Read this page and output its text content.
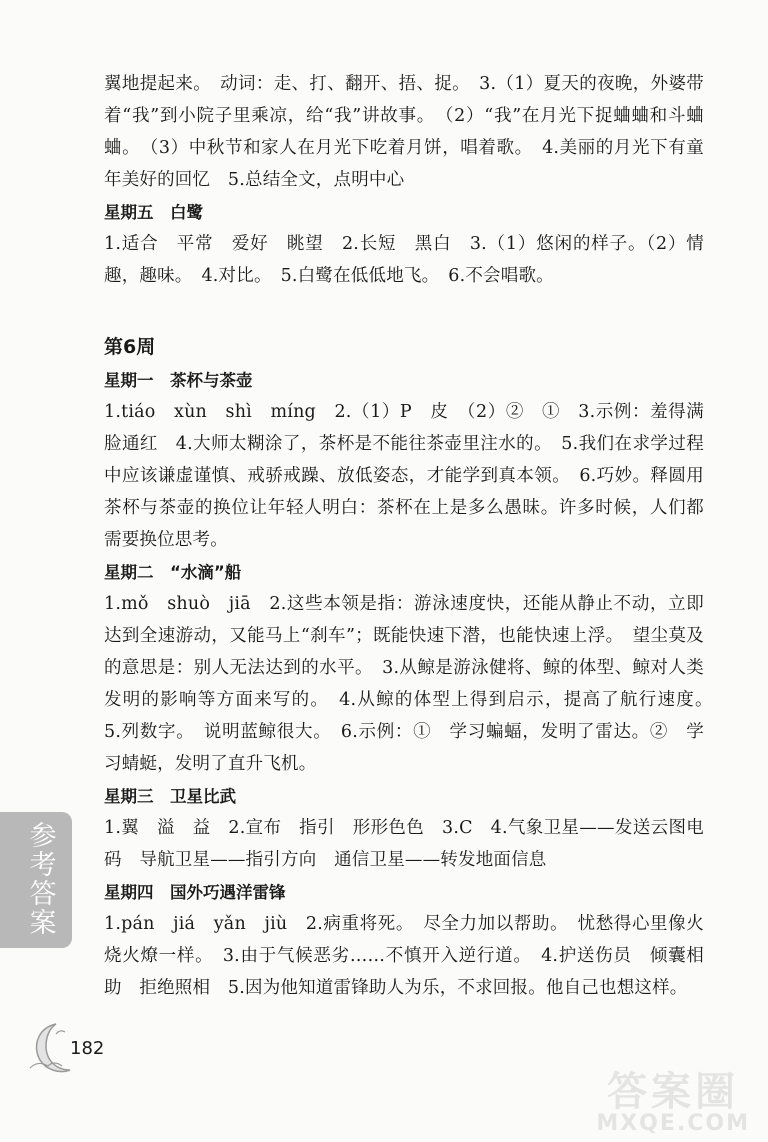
翼地提起来。　动词：走、打、翻开、捂、捉。　3.（1）夏天的夜晚，外婆带着“我”到小院子里乘凉，给“我”讲故事。　（2）“我”在月光下捉蛐蛐和斗蛐蛐。　（3）中秋节和家人在月光下吃着月饼，唱着歌。　4.美丽的月光下有童年美好的回忆　5.总结全文，点明中心
星期五　白鹭
1.适合　平常　爱好　眺望　2.长短　黑白　3.（1）悠闲的样子。（2）情趣，趣味。　4.对比。　5.白鹭在低低地飞。　6.不会唱歌。
第6周
星期一　茶杯与茶壶
1.tiáo　xùn　shì　míng　2.（1）P　皮　（2）②　①　3.示例：羞得满脸通红　4.大师太糊涂了，茶杯是不能往茶壶里注水的。　5.我们在求学过程中应该谦虚谨慎、戒骄戒躁、放低姿态，才能学到真本领。　6.巧妙。释圆用茶杯与茶壶的换位让年轻人明白：茶杯在上是多么愚昧。许多时候，人们都需要换位思考。
星期二　“水滴”船
1.mǒ　shuò　jiā　2.这些本领是指：游泳速度快，还能从静止不动，立即达到全速游动，又能马上“刹车”；既能快速下潜，也能快速上浮。　望尘莫及的意思是：别人无法达到的水平。　3.从鲸是游泳健将、鲸的体型、鲸对人类发明的影响等方面来写的。　4.从鲸的体型上得到启示，提高了航行速度。　5.列数字。　说明蓝鲸很大。　6.示例：①　学习蝙蝠，发明了雷达。②　学习蜻蜓，发明了直升飞机。
星期三　卫星比武
1.翼　溢　益　2.宣布　指引　形形色色　3.C　4.气象卫星——发送云图电码　导航卫星——指引方向　通信卫星——转发地面信息
星期四　国外巧遇洋雷锋
1.pán　jiá　yǎn　jiù　2.病重将死。　尽全力加以帮助。　忧愁得心里像火烧火燎一样。　3.由于气候恶劣……不慎开入逆行道。　4.护送伤员　倾囊相助　拒绝照相　5.因为他知道雷锋助人为乐，不求回报。他自己也想这样。
参考答案
182
答案圈
MXQE.COM
